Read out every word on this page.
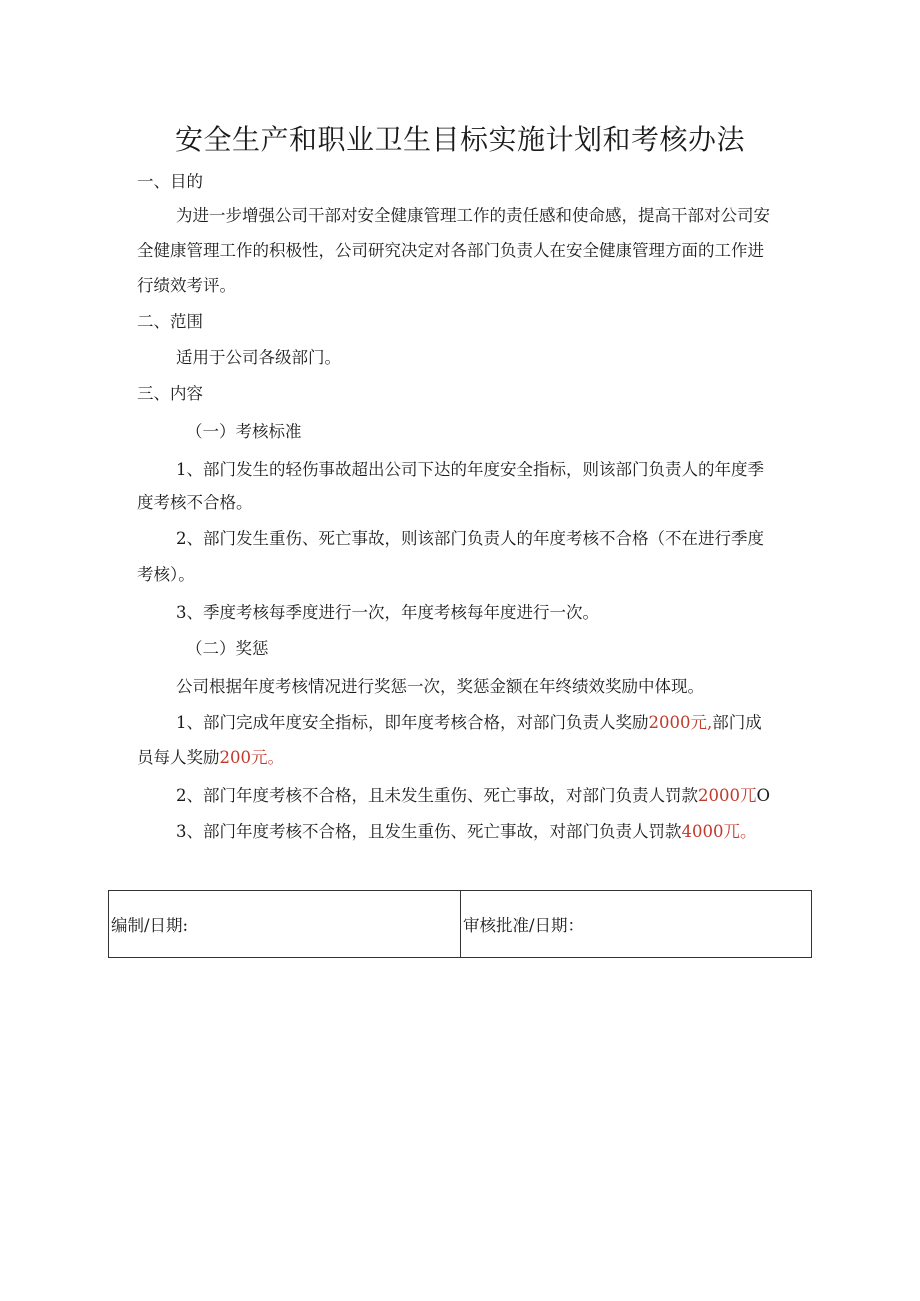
安全生产和职业卫生目标实施计划和考核办法
一、目的
为进一步增强公司干部对安全健康管理工作的责任感和使命感，提高干部对公司安
全健康管理工作的积极性，公司研究决定对各部门负责人在安全健康管理方面的工作进
行绩效考评。
二、范围
适用于公司各级部门。
三、内容
（一）考核标准
1、部门发生的轻伤事故超出公司下达的年度安全指标，则该部门负责人的年度季
度考核不合格。
2、部门发生重伤、死亡事故，则该部门负责人的年度考核不合格（不在进行季度
考核）。
3、季度考核每季度进行一次，年度考核每年度进行一次。
（二）奖惩
公司根据年度考核情况进行奖惩一次，奖惩金额在年终绩效奖励中体现。
1、部门完成年度安全指标，即年度考核合格，对部门负责人奖励2000元,部门成
员每人奖励200元。
2、部门年度考核不合格，且未发生重伤、死亡事故，对部门负责人罚款2000兀O
3、部门年度考核不合格，且发生重伤、死亡事故，对部门负责人罚款4000兀。
编制/日期:	审核批准/日期：
